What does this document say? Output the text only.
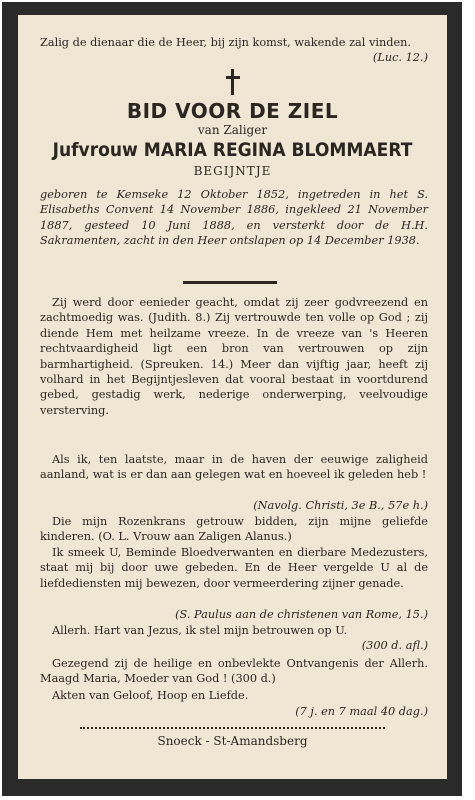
Zalig de dienaar die de Heer, bij zijn komst, wakende zal vinden.

(Luc. 12.)

BID VOOR DE ZIEL
van Zaliger
Jufvrouw MARIA REGINA BLOMMAERT
BEGIJNTJE

geboren te Kemseke 12 Oktober 1852, ingetreden in het S. Elisabeths Convent 14 November 1886, ingekleed 21 November 1887, gesteed 10 Juni 1888, en versterkt door de H.H. Sakramenten, zacht in den Heer ontslapen op 14 December 1938.

Zij werd door eenieder geacht, omdat zij zeer godvreezend en zachtmoedig was. (Judith. 8.) Zij vertrouwde ten volle op God ; zij diende Hem met heilzame vreeze. In de vreeze van 's Heeren rechtvaardigheid ligt een bron van vertrouwen op zijn barmhartigheid. (Spreuken. 14.) Meer dan vijftig jaar, heeft zij volhard in het Begijntjesleven dat vooral bestaat in voortdurend gebed, gestadig werk, nederige onderwerping, veelvoudige versterving.

Als ik, ten laatste, maar in de haven der eeuwige zaligheid aanland, wat is er dan aan gelegen wat en hoeveel ik geleden heb !

(Navolg. Christi, 3e B., 57e h.)

Die mijn Rozenkrans getrouw bidden, zijn mijne geliefde kinderen. (O. L. Vrouw aan Zaligen Alanus.)

Ik smeek U, Beminde Bloedverwanten en dierbare Medezusters, staat mij bij door uwe gebeden. En de Heer vergelde U al de liefdediensten mij bewezen, door vermeerdering zijner genade.

(S. Paulus aan de christenen van Rome, 15.)

Allerh. Hart van Jezus, ik stel mijn betrouwen op U.

(300 d. afl.)

Gezegend zij de heilige en onbevlekte Ontvangenis der Allerh. Maagd Maria, Moeder van God ! (300 d.)

Akten van Geloof, Hoop en Liefde.

(7 j. en 7 maal 40 dag.)

Snoeck - St-Amandsberg
